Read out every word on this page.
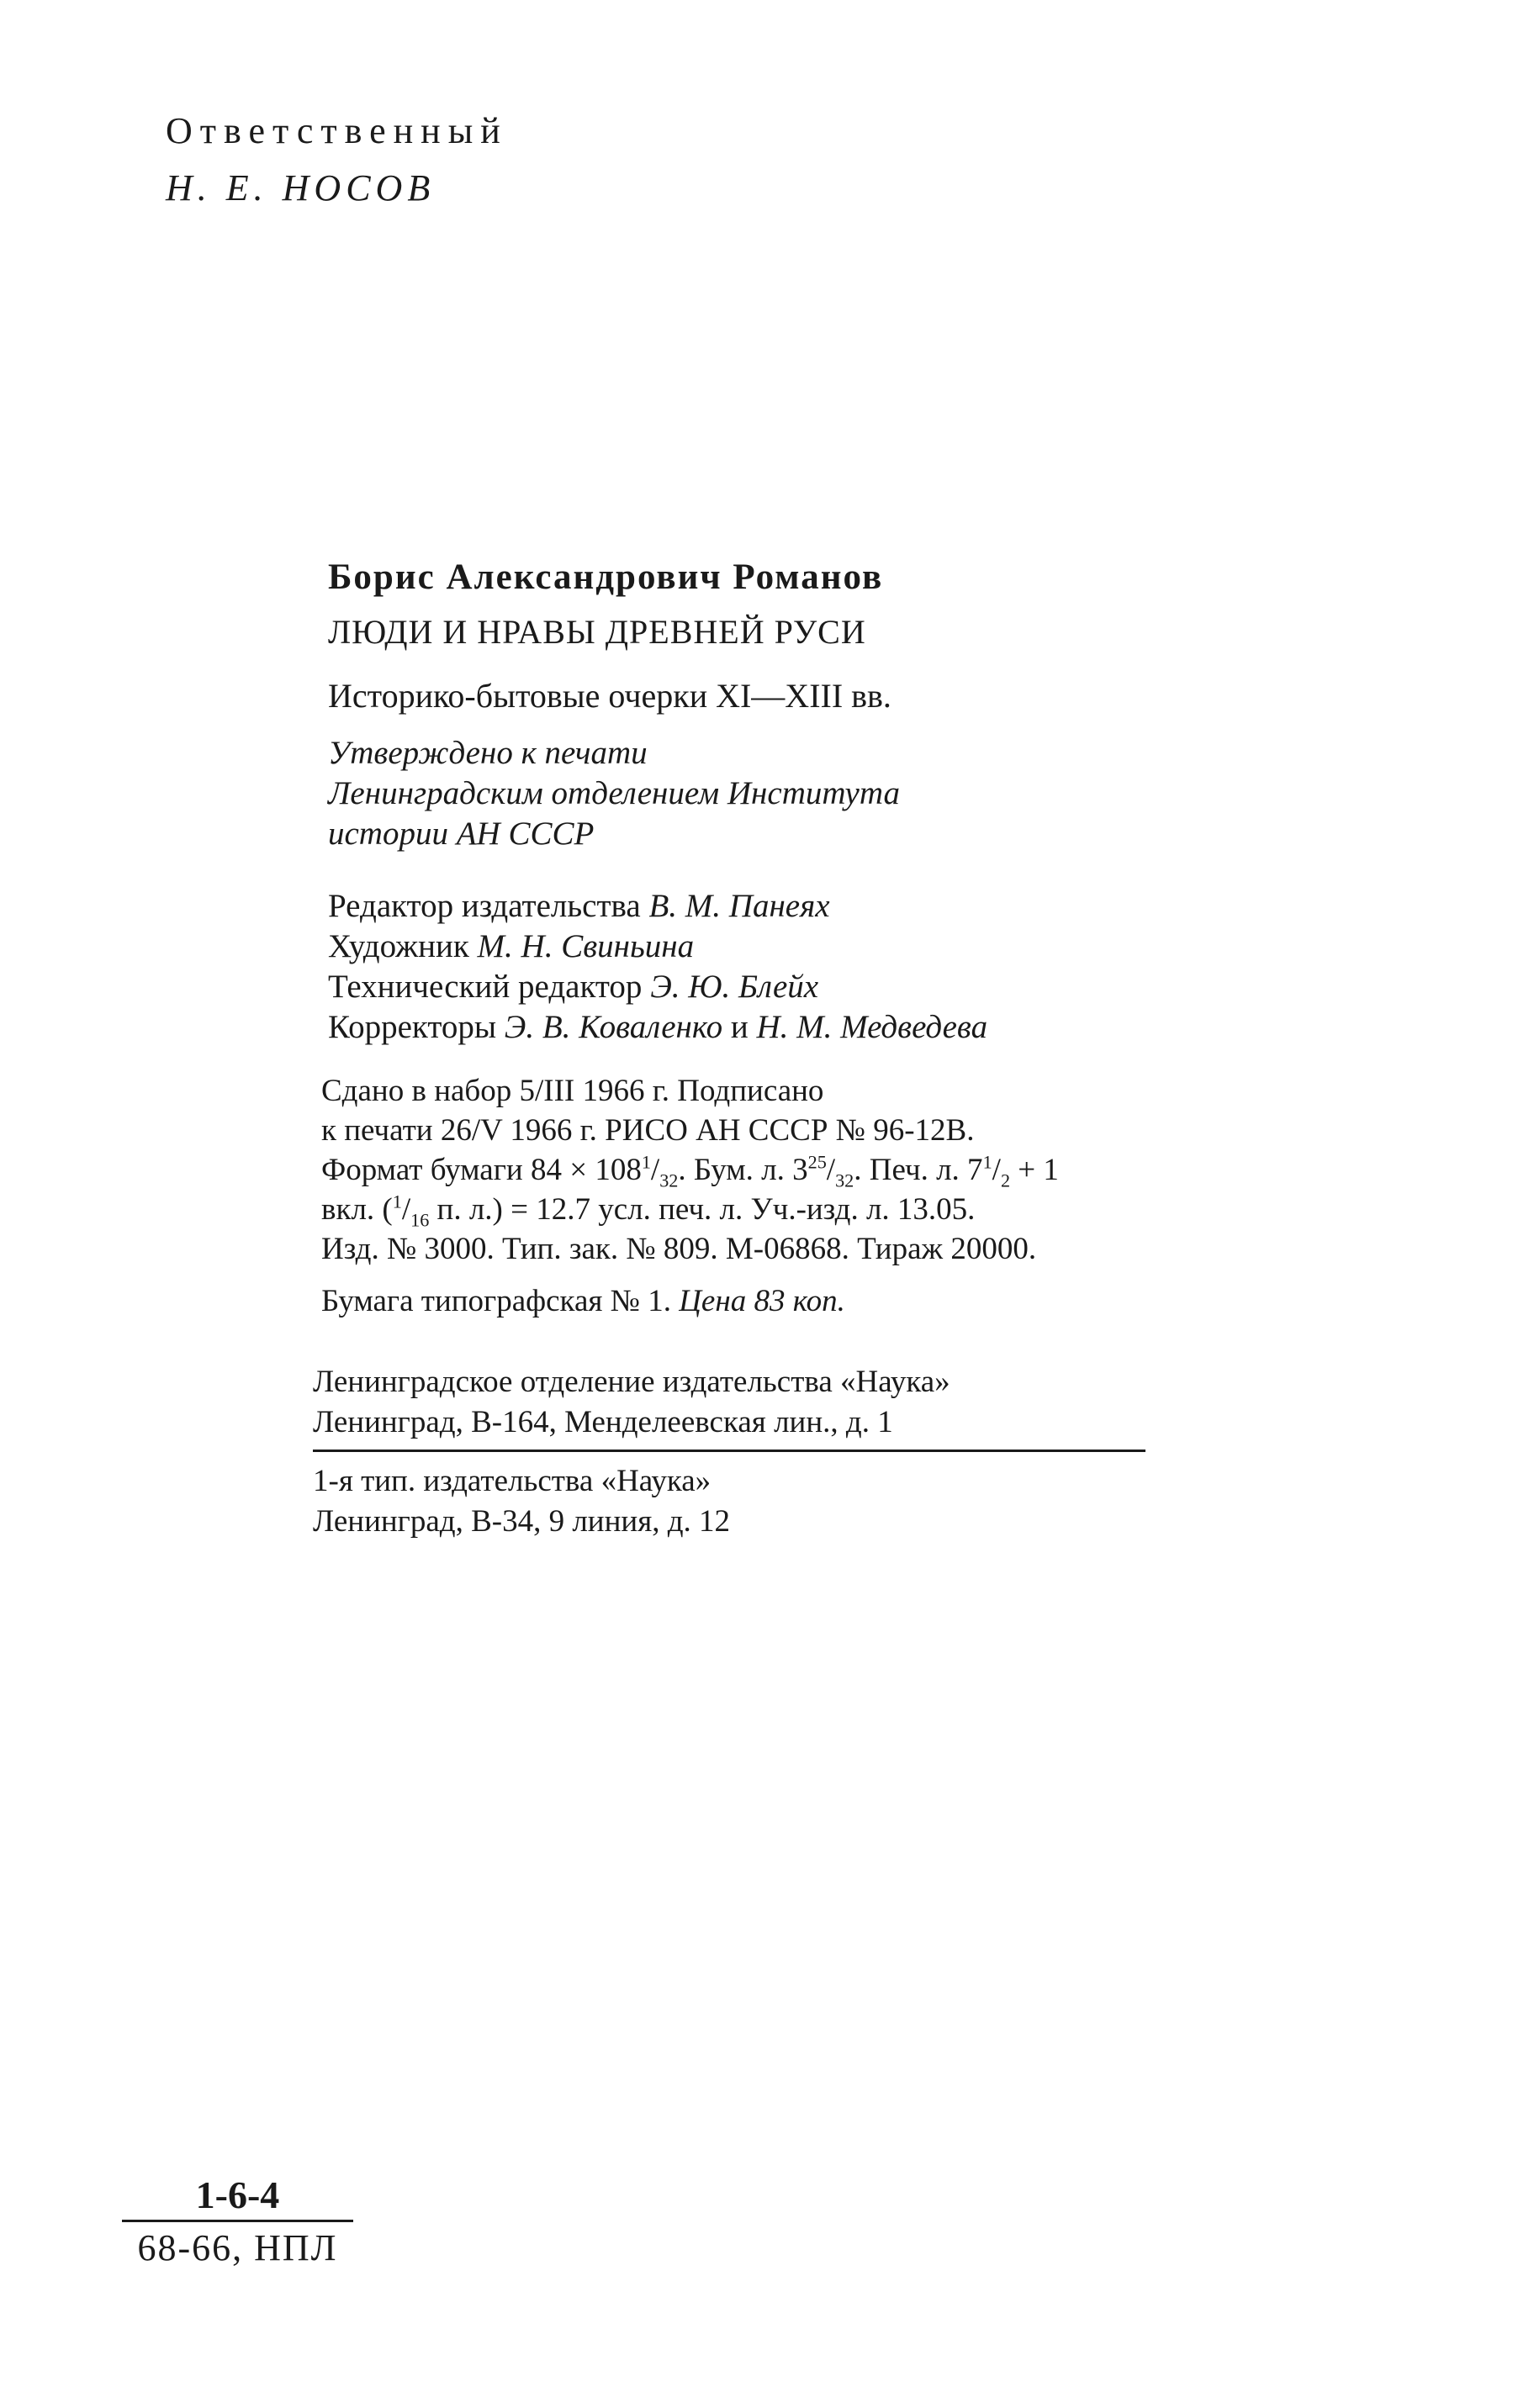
Ответственный
Н. Е. НОСОВ
Борис Александрович Романов
ЛЮДИ И НРАВЫ ДРЕВНЕЙ РУСИ
Историко-бытовые очерки XI—XIII вв.
Утверждено к печати
Ленинградским отделением Института
истории АН СССР
Редактор издательства В. М. Панеях
Художник М. Н. Свиньина
Технический редактор Э. Ю. Блейх
Корректоры Э. В. Коваленко и Н. М. Медведева
Сдано в набор 5/III 1966 г. Подписано
к печати 26/V 1966 г. РИСО АН СССР № 96-12В.
Формат бумаги $84 \times 108^1/_{32}$. Бум. л. $3^{25}/_{32}$. Печ. л. $7^1/_2 + 1$
вкл. ($^1/_{16}$ п. л.) = 12.7 усл. печ. л. Уч.-изд. л. 13.05.
Изд. № 3000. Тип. зак. № 809. М-06868. Тираж 20000.
Бумага типографская № 1. Цена 83 коп.
Ленинградское отделение издательства «Наука»
Ленинград, В-164, Менделеевская лин., д. 1
1-я тип. издательства «Наука»
Ленинград, В-34, 9 линия, д. 12
1-6-4
68-66, НПЛ
